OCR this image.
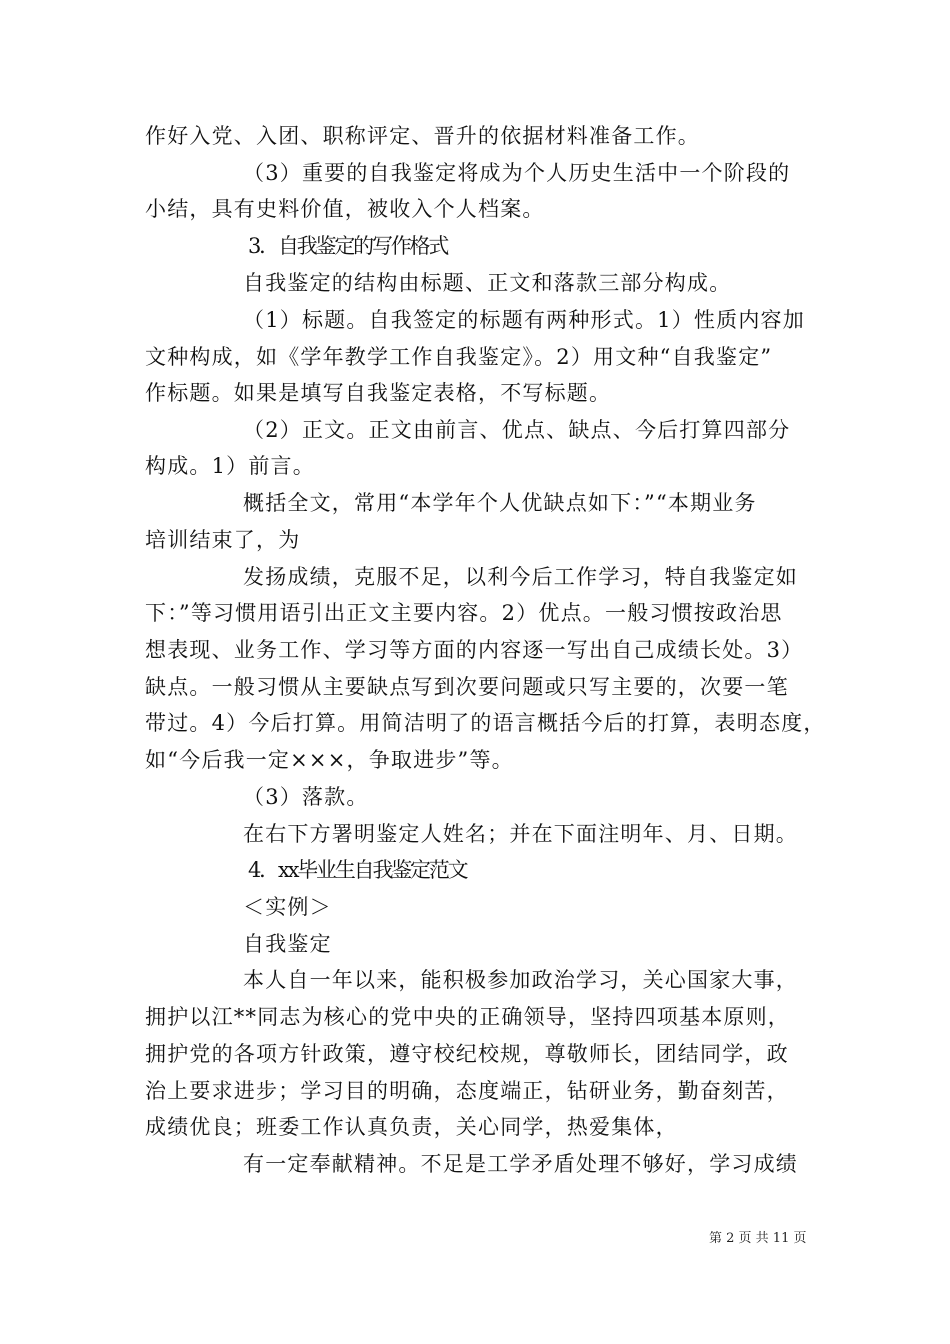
作好入党、入团、职称评定、晋升的依据材料准备工作。
（3）重要的自我鉴定将成为个人历史生活中一个阶段的
小结，具有史料价值，被收入个人档案。
3．自我鉴定的写作格式
自我鉴定的结构由标题、正文和落款三部分构成。
（1）标题。自我签定的标题有两种形式。1）性质内容加
文种构成，如《学年教学工作自我鉴定》。2）用文种“自我鉴定”
作标题。如果是填写自我鉴定表格，不写标题。
（2）正文。正文由前言、优点、缺点、今后打算四部分
构成。1）前言。
概括全文，常用“本学年个人优缺点如下：”“本期业务
培训结束了，为
发扬成绩，克服不足，以利今后工作学习，特自我鉴定如
下：”等习惯用语引出正文主要内容。2）优点。一般习惯按政治思
想表现、业务工作、学习等方面的内容逐一写出自己成绩长处。3）
缺点。一般习惯从主要缺点写到次要问题或只写主要的，次要一笔
带过。4）今后打算。用简洁明了的语言概括今后的打算，表明态度，
如“今后我一定×××，争取进步”等。
（3）落款。
在右下方署明鉴定人姓名；并在下面注明年、月、日期。
4．xx毕业生自我鉴定范文
＜实例＞
自我鉴定
本人自一年以来，能积极参加政治学习，关心国家大事，
拥护以江**同志为核心的党中央的正确领导，坚持四项基本原则，
拥护党的各项方针政策，遵守校纪校规，尊敬师长，团结同学，政
治上要求进步；学习目的明确，态度端正，钻研业务，勤奋刻苦，
成绩优良；班委工作认真负责，关心同学，热爱集体，
有一定奉献精神。不足是工学矛盾处理不够好，学习成绩
第 2 页 共 11 页
